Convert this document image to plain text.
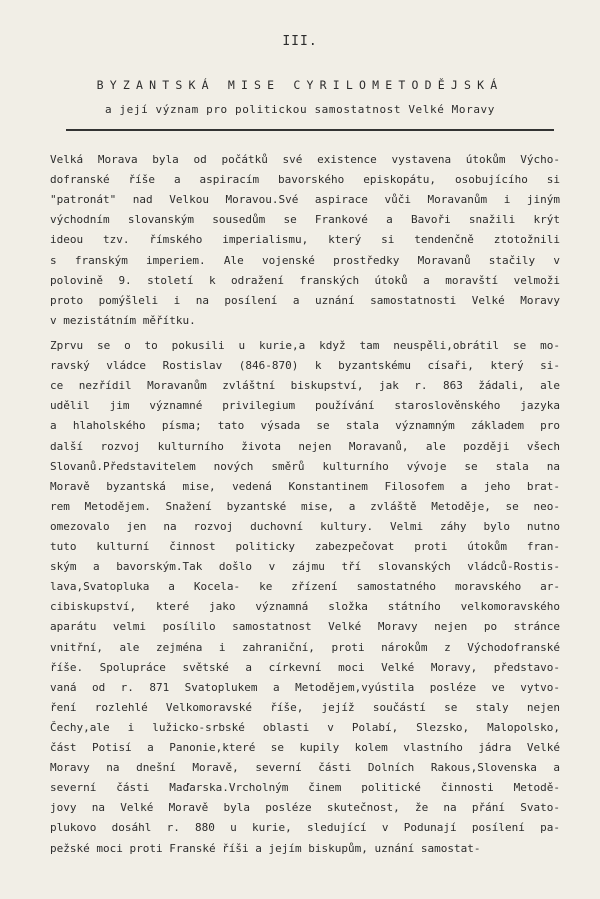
III.
BYZANTSKÁ MISE CYRILOMETODĚJSKÁ
a její význam pro politickou samostatnost Velké Moravy
Velká Morava byla od počátků své existence vystavena útokům Výcho-
dofranské říše a aspiracím bavorského episkopátu, osobujícího si
"patronát" nad Velkou Moravou.Své aspirace vůči Moravanům i jiným
východním slovanským sousedům se Frankové a Bavoři snažili krýt
ideou tzv. římského imperialismu, který si tendenčně ztotožnili
s franským imperiem. Ale vojenské prostředky Moravanů stačily v
polovině 9. století k odražení franských útoků a moravští velmoži
proto pomýšleli i na posílení a uznání samostatnosti Velké Moravy
v mezistátním měřítku.
Zprvu se o to pokusili u kurie,a když tam neuspěli,obrátil se mo-
ravský vládce Rostislav (846-870) k byzantskému císaři, který si-
ce nezřídil Moravanům zvláštní biskupství, jak r. 863 žádali, ale
udělil jim významné privilegium používání staroslověnského jazyka
a hlaholského písma; tato výsada se stala významným základem pro
další rozvoj kulturního života nejen Moravanů, ale později všech
Slovanů.Představitelem nových směrů kulturního vývoje se stala na
Moravě byzantská mise, vedená Konstantinem Filosofem a jeho brat-
rem Metodějem. Snažení byzantské mise, a zvláště Metoděje, se neo-
omezovalo jen na rozvoj duchovní kultury. Velmi záhy bylo nutno
tuto kulturní činnost politicky zabezpečovat proti útokům fran-
ským a bavorským.Tak došlo v zájmu tří slovanských vládců-Rostis-
lava,Svatopluka a Kocela- ke zřízení samostatného moravského ar-
cibiskupství, které jako významná složka státního velkomoravského
aparátu velmi posílilo samostatnost Velké Moravy nejen po stránce
vnitřní, ale zejména i zahraniční, proti nárokům z Východofranské
říše. Spolupráce světské a církevní moci Velké Moravy, představo-
vaná od r. 871 Svatoplukem a Metodějem,vyústila posléze ve vytvo-
ření rozlehlé Velkomoravské říše, jejíž součástí se staly nejen
Čechy,ale i lužicko-srbské oblasti v Polabí, Slezsko, Malopolsko,
část Potisí a Panonie,které se kupily kolem vlastního jádra Velké
Moravy na dnešní Moravě, severní části Dolních Rakous,Slovenska a
severní části Maďarska.Vrcholným činem politické činnosti Metodě-
jovy na Velké Moravě byla posléze skutečnost, že na přání Svato-
plukovo dosáhl r. 880 u kurie, sledující v Podunají posílení pa-
pežské moci proti Franské říši a jejím biskupům, uznání samostat-
